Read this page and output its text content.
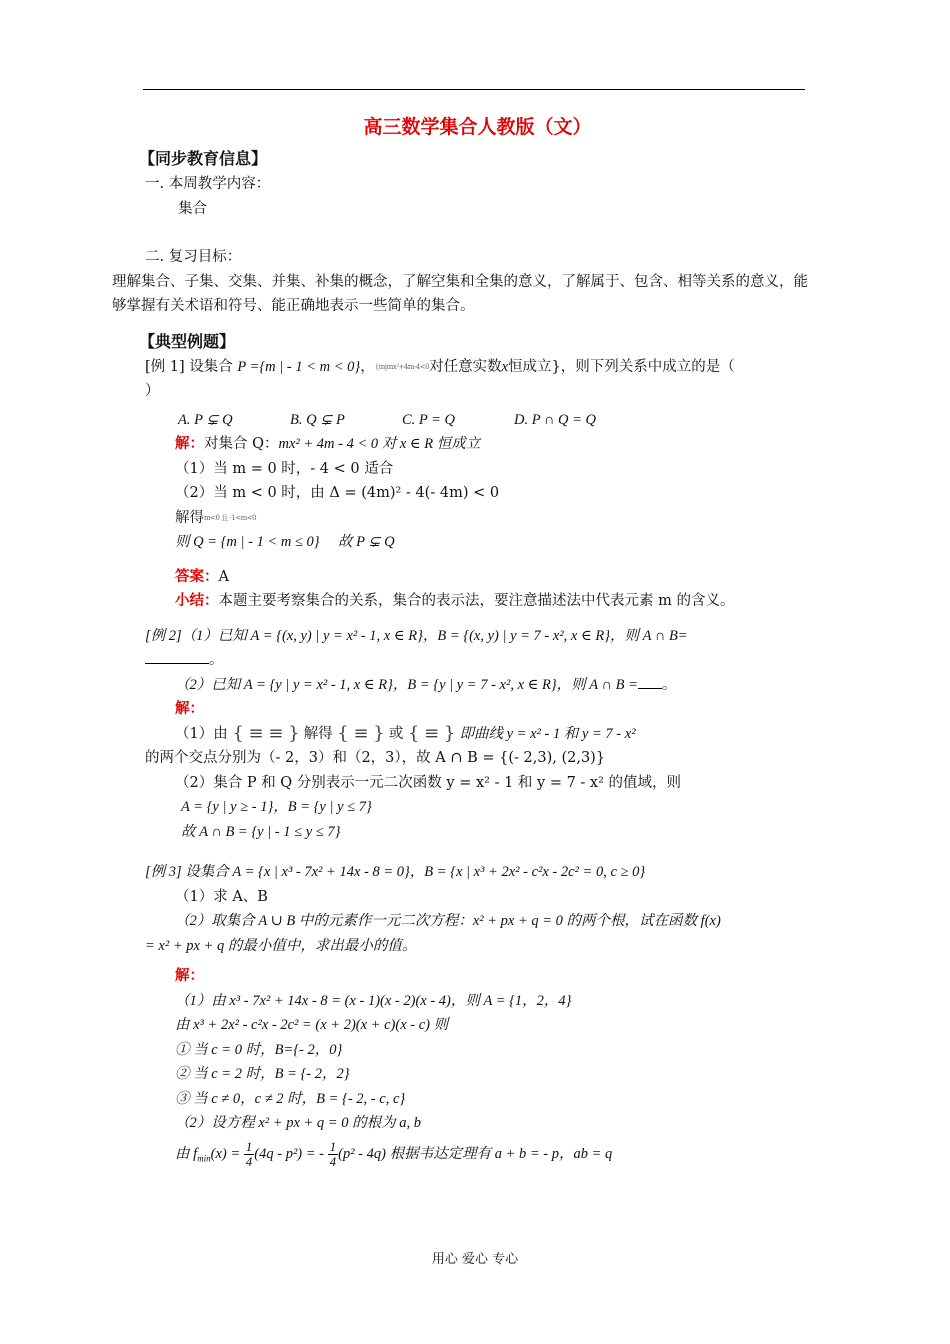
高三数学集合人教版（文）
【同步教育信息】
一. 本周教学内容：
集合
二. 复习目标：
理解集合、子集、交集、并集、补集的概念，了解空集和全集的意义，了解属于、包含、相等关系的意义，能够掌握有关术语和符号、能正确地表示一些简单的集合。
【典型例题】
[例 1] 设集合 P ={m | - 1 < m < 0}，$^{\{m|mx^2+4m-4<0}$对任意实数x恒成立}，则下列关系中成立的是（
）
A. P ⊊ Q	B. Q ⊊ P	C. P = Q	D. P ∩ Q = Q
解：对集合 Q：mx² + 4m - 4 < 0 对 x ∈ R 恒成立
（1）当 m = 0 时，- 4 < 0 适合
（2）当 m < 0 时，由 Δ = (4m)² - 4(- 4m) < 0
解得$^{m<0 且 -1<m<0}$
则 Q = {m | - 1 < m ≤ 0} 故 P ⊊ Q
答案：A
小结：本题主要考察集合的关系，集合的表示法，要注意描述法中代表元素 m 的含义。
[例 2]（1）已知 A = {(x, y) | y = x² - 1, x ∈ R}，B = {(x, y) | y = 7 - x², x ∈ R}，则 A ∩ B=
。
（2）已知 A = {y | y = x² - 1, x ∈ R}，B = {y | y = 7 - x², x ∈ R}，则 A ∩ B = 。
解：
（1）由 { ≡ ≡ } 解得 { ≡ } 或 { ≡ } 即曲线 y = x² - 1 和 y = 7 - x²
的两个交点分别为（- 2，3）和（2，3），故 A ∩ B = {(- 2,3), (2,3)}
（2）集合 P 和 Q 分别表示一元二次函数 y = x² - 1 和 y = 7 - x² 的值域，则
A = {y | y ≥ - 1}，B = {y | y ≤ 7}
故 A ∩ B = {y | - 1 ≤ y ≤ 7}
[例 3] 设集合 A = {x | x³ - 7x² + 14x - 8 = 0}，B = {x | x³ + 2x² - c²x - 2c² = 0, c ≥ 0}
（1）求 A、B
（2）取集合 A ∪ B 中的元素作一元二次方程：x² + px + q = 0 的两个根，试在函数 f(x)
= x² + px + q 的最小值中，求出最小的值。
解：
（1）由 x³ - 7x² + 14x - 8 = (x - 1)(x - 2)(x - 4)，则 A = {1，2，4}
由 x³ + 2x² - c²x - 2c² = (x + 2)(x + c)(x - c) 则
① 当 c = 0 时，B={- 2，0}
② 当 c = 2 时，B = {- 2，2}
③ 当 c ≠ 0，c ≠ 2 时，B = {- 2, - c, c}
（2）设方程 x² + px + q = 0 的根为 a, b
由 $f_{min}(x) = \frac{1}{4} (4q - p^2)$ = - $\frac{1}{4} (p^2 - 4q)$ 根据韦达定理有 a + b = - p，ab = q
用心 爱心 专心
